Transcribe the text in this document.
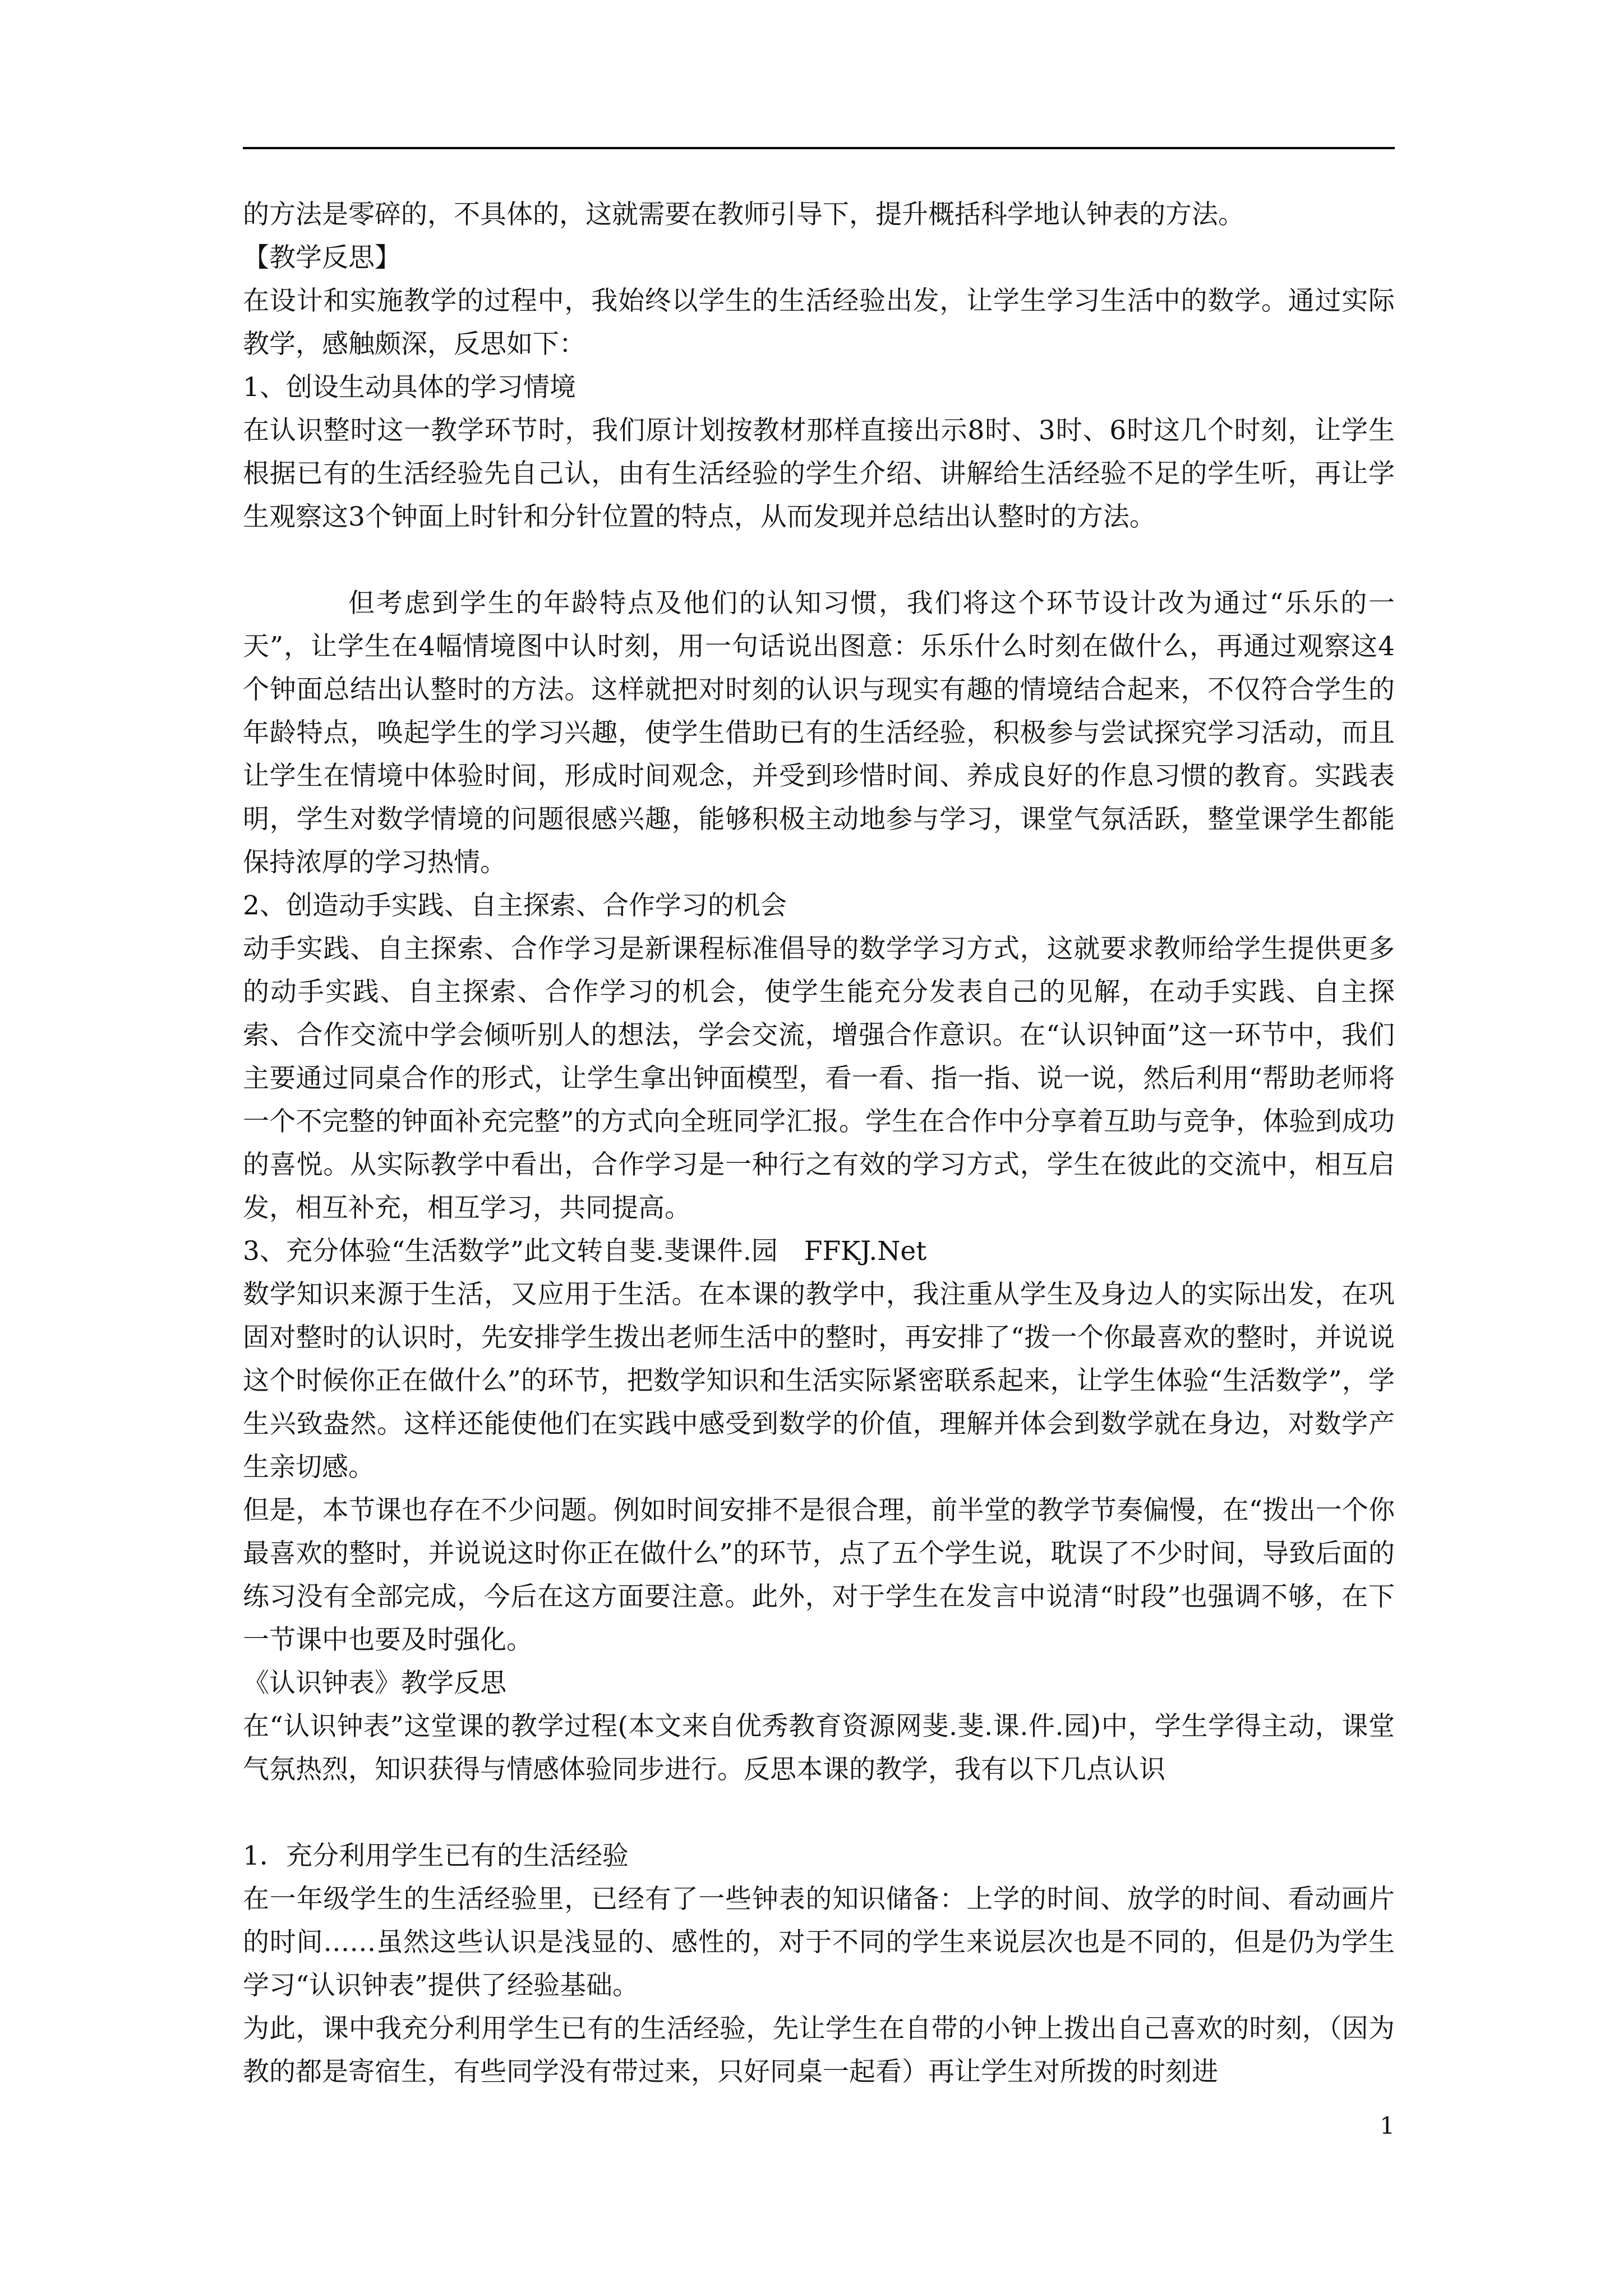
的方法是零碎的，不具体的，这就需要在教师引导下，提升概括科学地认钟表的方法。

【教学反思】

在设计和实施教学的过程中，我始终以学生的生活经验出发，让学生学习生活中的数学。通过实际教学，感触颇深，反思如下：

1、创设生动具体的学习情境

在认识整时这一教学环节时，我们原计划按教材那样直接出示8时、3时、6时这几个时刻，让学生根据已有的生活经验先自己认，由有生活经验的学生介绍、讲解给生活经验不足的学生听，再让学生观察这3个钟面上时针和分针位置的特点，从而发现并总结出认整时的方法。

但考虑到学生的年龄特点及他们的认知习惯，我们将这个环节设计改为通过“乐乐的一天”，让学生在4幅情境图中认时刻，用一句话说出图意：乐乐什么时刻在做什么，再通过观察这4个钟面总结出认整时的方法。这样就把对时刻的认识与现实有趣的情境结合起来，不仅符合学生的年龄特点，唤起学生的学习兴趣，使学生借助已有的生活经验，积极参与尝试探究学习活动，而且让学生在情境中体验时间，形成时间观念，并受到珍惜时间、养成良好的作息习惯的教育。实践表明，学生对数学情境的问题很感兴趣，能够积极主动地参与学习，课堂气氛活跃，整堂课学生都能保持浓厚的学习热情。

2、创造动手实践、自主探索、合作学习的机会

动手实践、自主探索、合作学习是新课程标准倡导的数学学习方式，这就要求教师给学生提供更多的动手实践、自主探索、合作学习的机会，使学生能充分发表自己的见解，在动手实践、自主探索、合作交流中学会倾听别人的想法，学会交流，增强合作意识。在“认识钟面”这一环节中，我们主要通过同桌合作的形式，让学生拿出钟面模型，看一看、指一指、说一说，然后利用“帮助老师将一个不完整的钟面补充完整”的方式向全班同学汇报。学生在合作中分享着互助与竞争，体验到成功的喜悦。从实际教学中看出，合作学习是一种行之有效的学习方式，学生在彼此的交流中，相互启发，相互补充，相互学习，共同提高。

3、充分体验“生活数学”此文转自斐.斐课件.园　FFKJ.Net

数学知识来源于生活，又应用于生活。在本课的教学中，我注重从学生及身边人的实际出发，在巩固对整时的认识时，先安排学生拨出老师生活中的整时，再安排了“拨一个你最喜欢的整时，并说说这个时候你正在做什么”的环节，把数学知识和生活实际紧密联系起来，让学生体验“生活数学”，学生兴致盎然。这样还能使他们在实践中感受到数学的价值，理解并体会到数学就在身边，对数学产生亲切感。

但是，本节课也存在不少问题。例如时间安排不是很合理，前半堂的教学节奏偏慢，在“拨出一个你最喜欢的整时，并说说这时你正在做什么”的环节，点了五个学生说，耽误了不少时间，导致后面的练习没有全部完成，今后在这方面要注意。此外，对于学生在发言中说清“时段”也强调不够，在下一节课中也要及时强化。

《认识钟表》教学反思

在“认识钟表”这堂课的教学过程(本文来自优秀教育资源网斐.斐.课.件.园)中，学生学得主动，课堂气氛热烈，知识获得与情感体验同步进行。反思本课的教学，我有以下几点认识

1．充分利用学生已有的生活经验

在一年级学生的生活经验里，已经有了一些钟表的知识储备：上学的时间、放学的时间、看动画片的时间……虽然这些认识是浅显的、感性的，对于不同的学生来说层次也是不同的，但是仍为学生学习“认识钟表”提供了经验基础。

为此，课中我充分利用学生已有的生活经验，先让学生在自带的小钟上拨出自己喜欢的时刻，（因为教的都是寄宿生，有些同学没有带过来，只好同桌一起看）再让学生对所拨的时刻进

1
